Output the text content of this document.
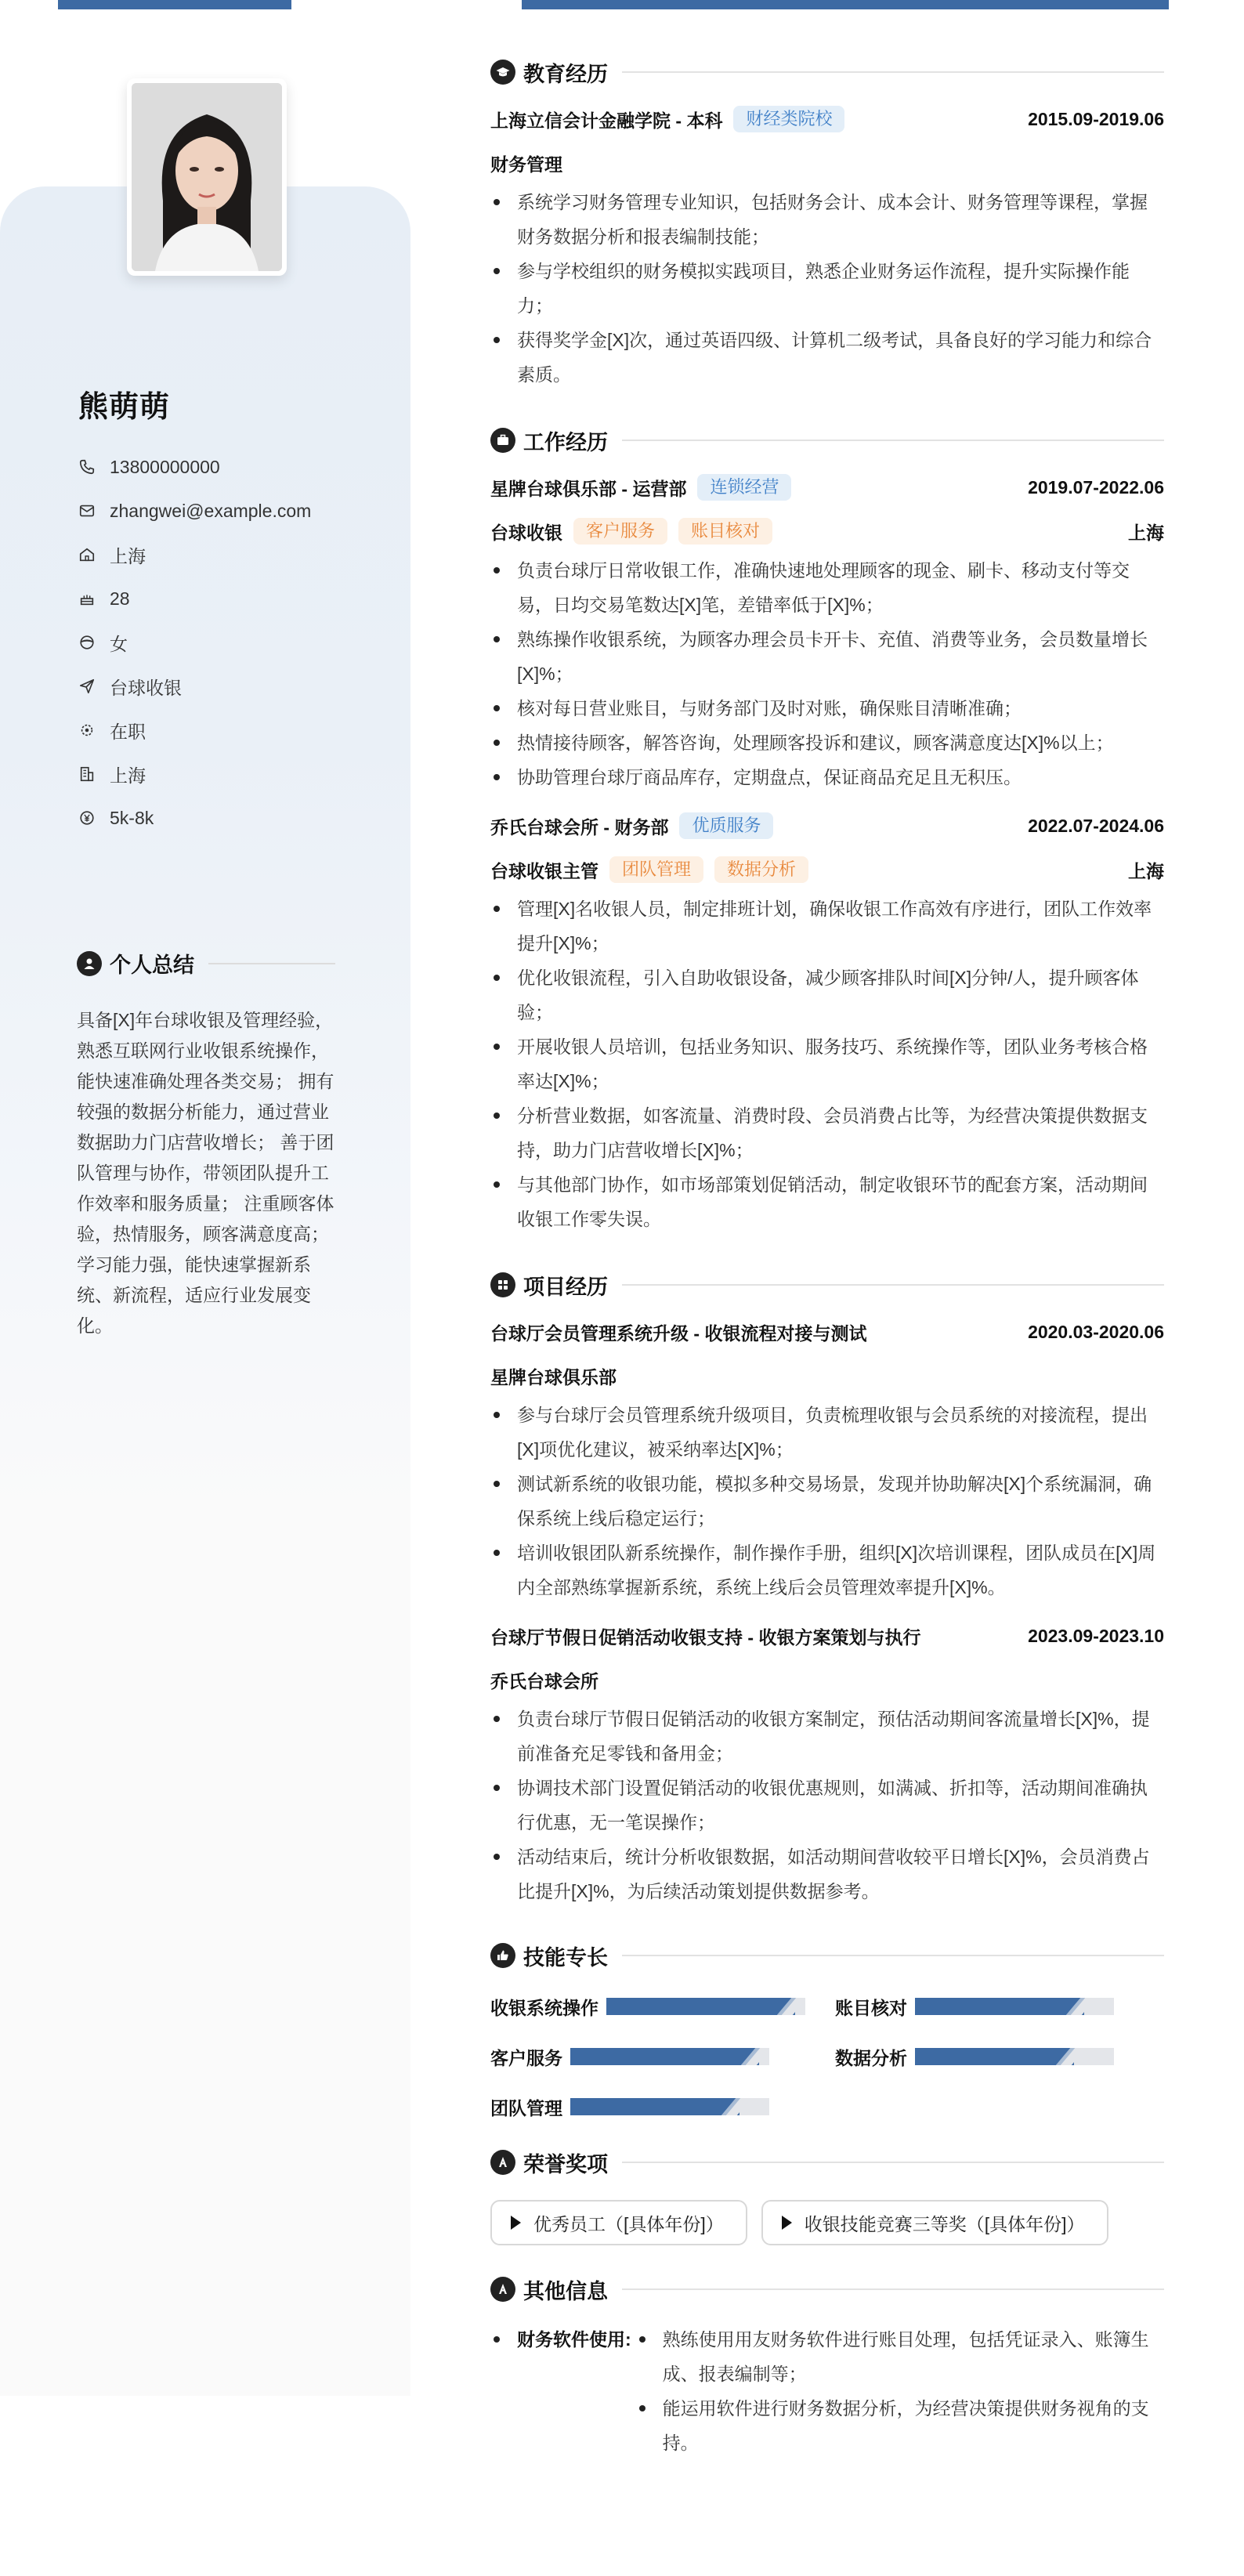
熊萌萌
13800000000
zhangwei@example.com
上海
28
女
台球收银
在职
上海
5k-8k
个人总结
具备[X]年台球收银及管理经验，熟悉互联网行业收银系统操作，能快速准确处理各类交易； 拥有较强的数据分析能力，通过营业数据助力门店营收增长； 善于团队管理与协作，带领团队提升工作效率和服务质量； 注重顾客体验，热情服务，顾客满意度高； 学习能力强，能快速掌握新系统、新流程，适应行业发展变化。
教育经历
上海立信会计金融学院 - 本科	财经类院校	2015.09-2019.06
财务管理
系统学习财务管理专业知识，包括财务会计、成本会计、财务管理等课程，掌握财务数据分析和报表编制技能；
参与学校组织的财务模拟实践项目，熟悉企业财务运作流程，提升实际操作能力；
获得奖学金[X]次，通过英语四级、计算机二级考试，具备良好的学习能力和综合素质。
工作经历
星牌台球俱乐部 - 运营部	连锁经营	2019.07-2022.06
台球收银	客户服务	账目核对	上海
负责台球厅日常收银工作，准确快速地处理顾客的现金、刷卡、移动支付等交易，日均交易笔数达[X]笔，差错率低于[X]%；
熟练操作收银系统，为顾客办理会员卡开卡、充值、消费等业务，会员数量增长[X]%；
核对每日营业账目，与财务部门及时对账，确保账目清晰准确；
热情接待顾客，解答咨询，处理顾客投诉和建议，顾客满意度达[X]%以上；
协助管理台球厅商品库存，定期盘点，保证商品充足且无积压。
乔氏台球会所 - 财务部	优质服务	2022.07-2024.06
台球收银主管	团队管理	数据分析	上海
管理[X]名收银人员，制定排班计划，确保收银工作高效有序进行，团队工作效率提升[X]%；
优化收银流程，引入自助收银设备，减少顾客排队时间[X]分钟/人，提升顾客体验；
开展收银人员培训，包括业务知识、服务技巧、系统操作等，团队业务考核合格率达[X]%；
分析营业数据，如客流量、消费时段、会员消费占比等，为经营决策提供数据支持，助力门店营收增长[X]%；
与其他部门协作，如市场部策划促销活动，制定收银环节的配套方案，活动期间收银工作零失误。
项目经历
台球厅会员管理系统升级 - 收银流程对接与测试	2020.03-2020.06
星牌台球俱乐部
参与台球厅会员管理系统升级项目，负责梳理收银与会员系统的对接流程，提出[X]项优化建议，被采纳率达[X]%；
测试新系统的收银功能，模拟多种交易场景，发现并协助解决[X]个系统漏洞，确保系统上线后稳定运行；
培训收银团队新系统操作，制作操作手册，组织[X]次培训课程，团队成员在[X]周内全部熟练掌握新系统，系统上线后会员管理效率提升[X]%。
台球厅节假日促销活动收银支持 - 收银方案策划与执行	2023.09-2023.10
乔氏台球会所
负责台球厅节假日促销活动的收银方案制定，预估活动期间客流量增长[X]%，提前准备充足零钱和备用金；
协调技术部门设置促销活动的收银优惠规则，如满减、折扣等，活动期间准确执行优惠，无一笔误操作；
活动结束后，统计分析收银数据，如活动期间营收较平日增长[X]%，会员消费占比提升[X]%，为后续活动策划提供数据参考。
技能专长
收银系统操作	账目核对
客户服务	数据分析
团队管理
荣誉奖项
优秀员工（[具体年份]）	收银技能竞赛三等奖（[具体年份]）
其他信息
财务软件使用:	熟练使用用友财务软件进行账目处理，包括凭证录入、账簿生成、报表编制等；
能运用软件进行财务数据分析，为经营决策提供财务视角的支持。
